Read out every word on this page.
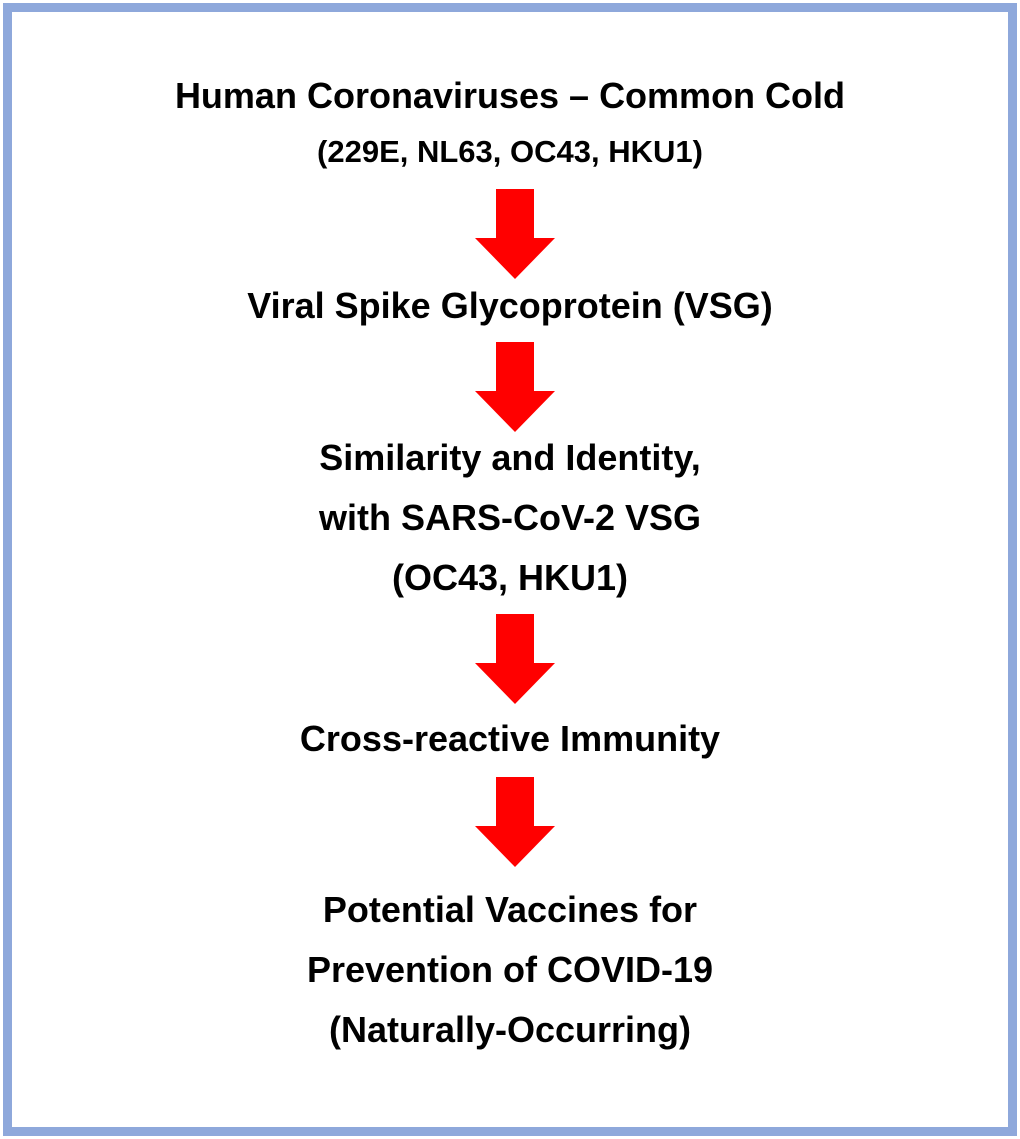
Human Coronaviruses – Common Cold
(229E, NL63, OC43, HKU1)
Viral Spike Glycoprotein (VSG)
Similarity and Identity,
with SARS-CoV-2 VSG
(OC43, HKU1)
Cross-reactive Immunity
Potential Vaccines for
Prevention of COVID-19
(Naturally-Occurring)
